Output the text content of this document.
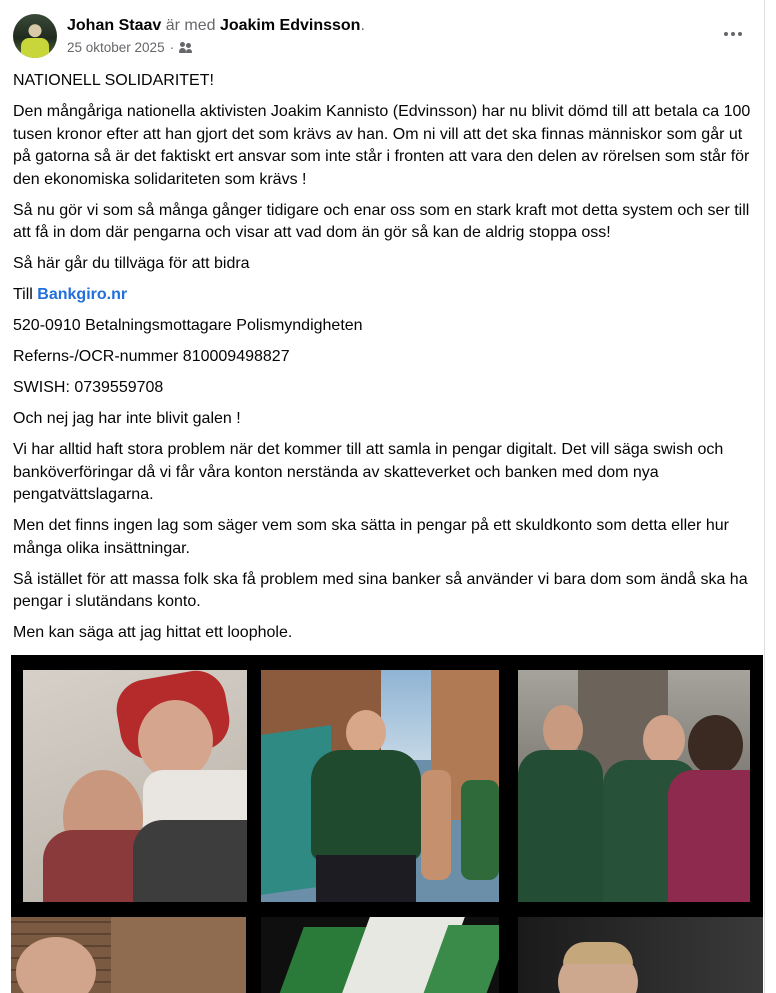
Johan Staav är med Joakim Edvinsson.
25 oktober 2025 ·

NATIONELL SOLIDARITET!

Den mångåriga nationella aktivisten Joakim Kannisto (Edvinsson) har nu blivit dömd till att betala ca 100 tusen kronor efter att han gjort det som krävs av han. Om ni vill att det ska finnas människor som går ut på gatorna så är det faktiskt ert ansvar som inte står i fronten att vara den delen av rörelsen som står för den ekonomiska solidariteten som krävs !

Så nu gör vi som så många gånger tidigare och enar oss som en stark kraft mot detta system och ser till att få in dom där pengarna och visar att vad dom än gör så kan de aldrig stoppa oss!

Så här går du tillväga för att bidra

Till Bankgiro.nr

520-0910 Betalningsmottagare Polismyndigheten

Referns-/OCR-nummer 810009498827

SWISH: 0739559708

Och nej jag har inte blivit galen !

Vi har alltid haft stora problem när det kommer till att samla in pengar digitalt. Det vill säga swish och banköverföringar då vi får våra konton nerstända av skatteverket och banken med dom nya pengatvättslagarna.

Men det finns ingen lag som säger vem som ska sätta in pengar på ett skuldkonto som detta eller hur många olika insättningar.

Så istället för att massa folk ska få problem med sina banker så använder vi bara dom som ändå ska ha pengar i slutändans konto.

Men kan säga att jag hittat ett loophole.
